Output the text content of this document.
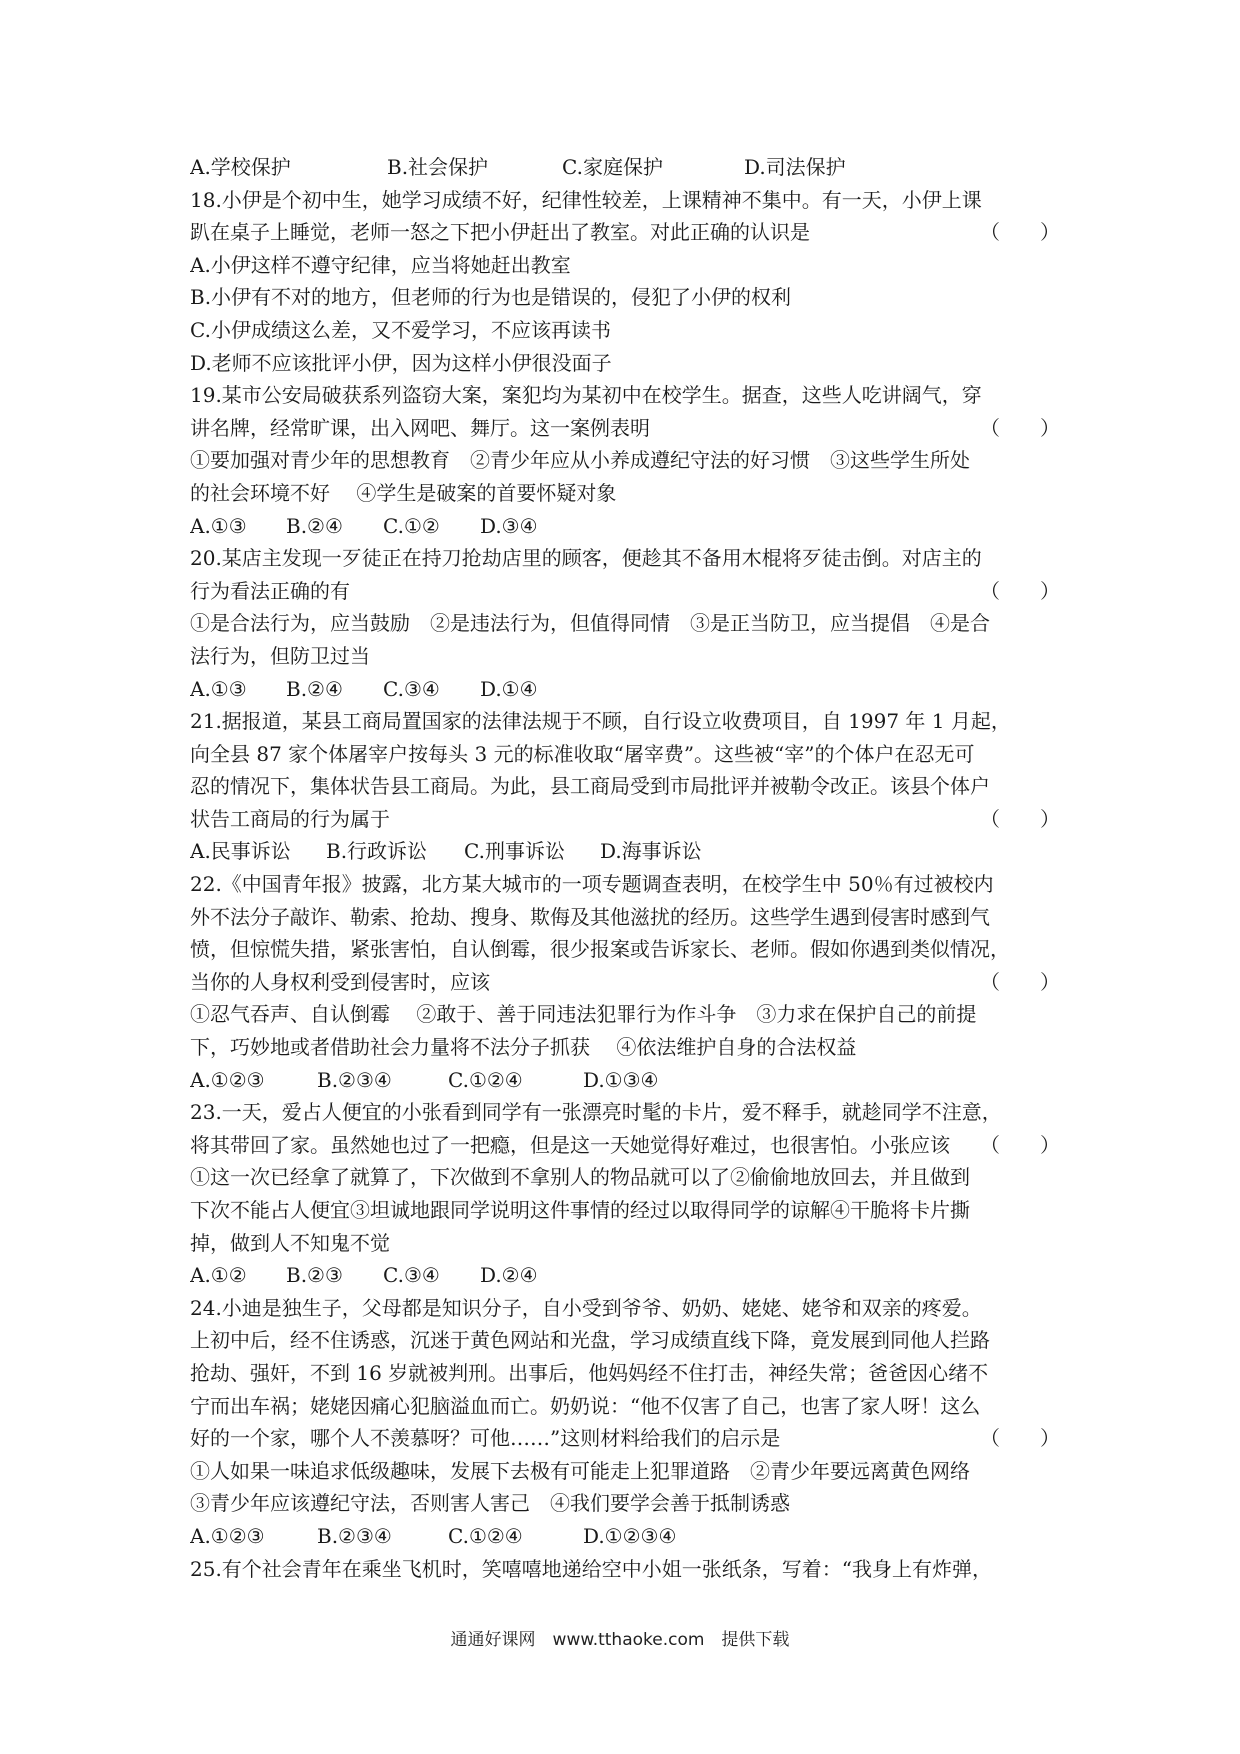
A.学校保护	B.社会保护	C.家庭保护	D.司法保护
18.小伊是个初中生，她学习成绩不好，纪律性较差，上课精神不集中。有一天，小伊上课
趴在桌子上睡觉，老师一怒之下把小伊赶出了教室。对此正确的认识是	（　　）
A.小伊这样不遵守纪律，应当将她赶出教室
B.小伊有不对的地方，但老师的行为也是错误的，侵犯了小伊的权利
C.小伊成绩这么差，又不爱学习，不应该再读书
D.老师不应该批评小伊，因为这样小伊很没面子
19.某市公安局破获系列盗窃大案，案犯均为某初中在校学生。据查，这些人吃讲阔气，穿
讲名牌，经常旷课，出入网吧、舞厅。这一案例表明	（　　）
①要加强对青少年的思想教育　②青少年应从小养成遵纪守法的好习惯　③这些学生所处
的社会环境不好　 ④学生是破案的首要怀疑对象
A.①③ B.②④ C.①② D.③④
20.某店主发现一歹徒正在持刀抢劫店里的顾客，便趁其不备用木棍将歹徒击倒。对店主的
行为看法正确的有	（　　）
①是合法行为，应当鼓励　②是违法行为，但值得同情　③是正当防卫，应当提倡　④是合
法行为，但防卫过当
A.①③ B.②④ C.③④ D.①④
21.据报道，某县工商局置国家的法律法规于不顾，自行设立收费项目，自 1997 年 1 月起，
向全县 87 家个体屠宰户按每头 3 元的标准收取“屠宰费”。这些被“宰”的个体户在忍无可
忍的情况下，集体状告县工商局。为此，县工商局受到市局批评并被勒令改正。该县个体户
状告工商局的行为属于	（　　）
A.民事诉讼 B.行政诉讼 C.刑事诉讼 D.海事诉讼
22.《中国青年报》披露，北方某大城市的一项专题调查表明，在校学生中 50％有过被校内
外不法分子敲诈、勒索、抢劫、搜身、欺侮及其他滋扰的经历。这些学生遇到侵害时感到气
愤，但惊慌失措，紧张害怕，自认倒霉，很少报案或告诉家长、老师。假如你遇到类似情况，
当你的人身权利受到侵害时，应该	（　　）
①忍气吞声、自认倒霉　 ②敢于、善于同违法犯罪行为作斗争　③力求在保护自己的前提
下，巧妙地或者借助社会力量将不法分子抓获　 ④依法维护自身的合法权益
A.①②③	B.②③④	C.①②④	D.①③④
23.一天，爱占人便宜的小张看到同学有一张漂亮时髦的卡片，爱不释手，就趁同学不注意，
将其带回了家。虽然她也过了一把瘾，但是这一天她觉得好难过，也很害怕。小张应该 （　　）
①这一次已经拿了就算了，下次做到不拿别人的物品就可以了②偷偷地放回去，并且做到
下次不能占人便宜③坦诚地跟同学说明这件事情的经过以取得同学的谅解④干脆将卡片撕
掉，做到人不知鬼不觉
A.①② B.②③ C.③④ D.②④
24.小迪是独生子，父母都是知识分子，自小受到爷爷、奶奶、姥姥、姥爷和双亲的疼爱。
上初中后，经不住诱惑，沉迷于黄色网站和光盘，学习成绩直线下降，竟发展到同他人拦路
抢劫、强奸，不到 16 岁就被判刑。出事后，他妈妈经不住打击，神经失常；爸爸因心绪不
宁而出车祸；姥姥因痛心犯脑溢血而亡。奶奶说：“他不仅害了自己，也害了家人呀！这么
好的一个家，哪个人不羡慕呀？可他……”这则材料给我们的启示是	（　　）
①人如果一味追求低级趣味，发展下去极有可能走上犯罪道路　②青少年要远离黄色网络
③青少年应该遵纪守法，否则害人害己　④我们要学会善于抵制诱惑
A.①②③	B.②③④	C.①②④	D.①②③④
25.有个社会青年在乘坐飞机时，笑嘻嘻地递给空中小姐一张纸条，写着：“我身上有炸弹，
通通好课网　www.tthaoke.com　提供下载
